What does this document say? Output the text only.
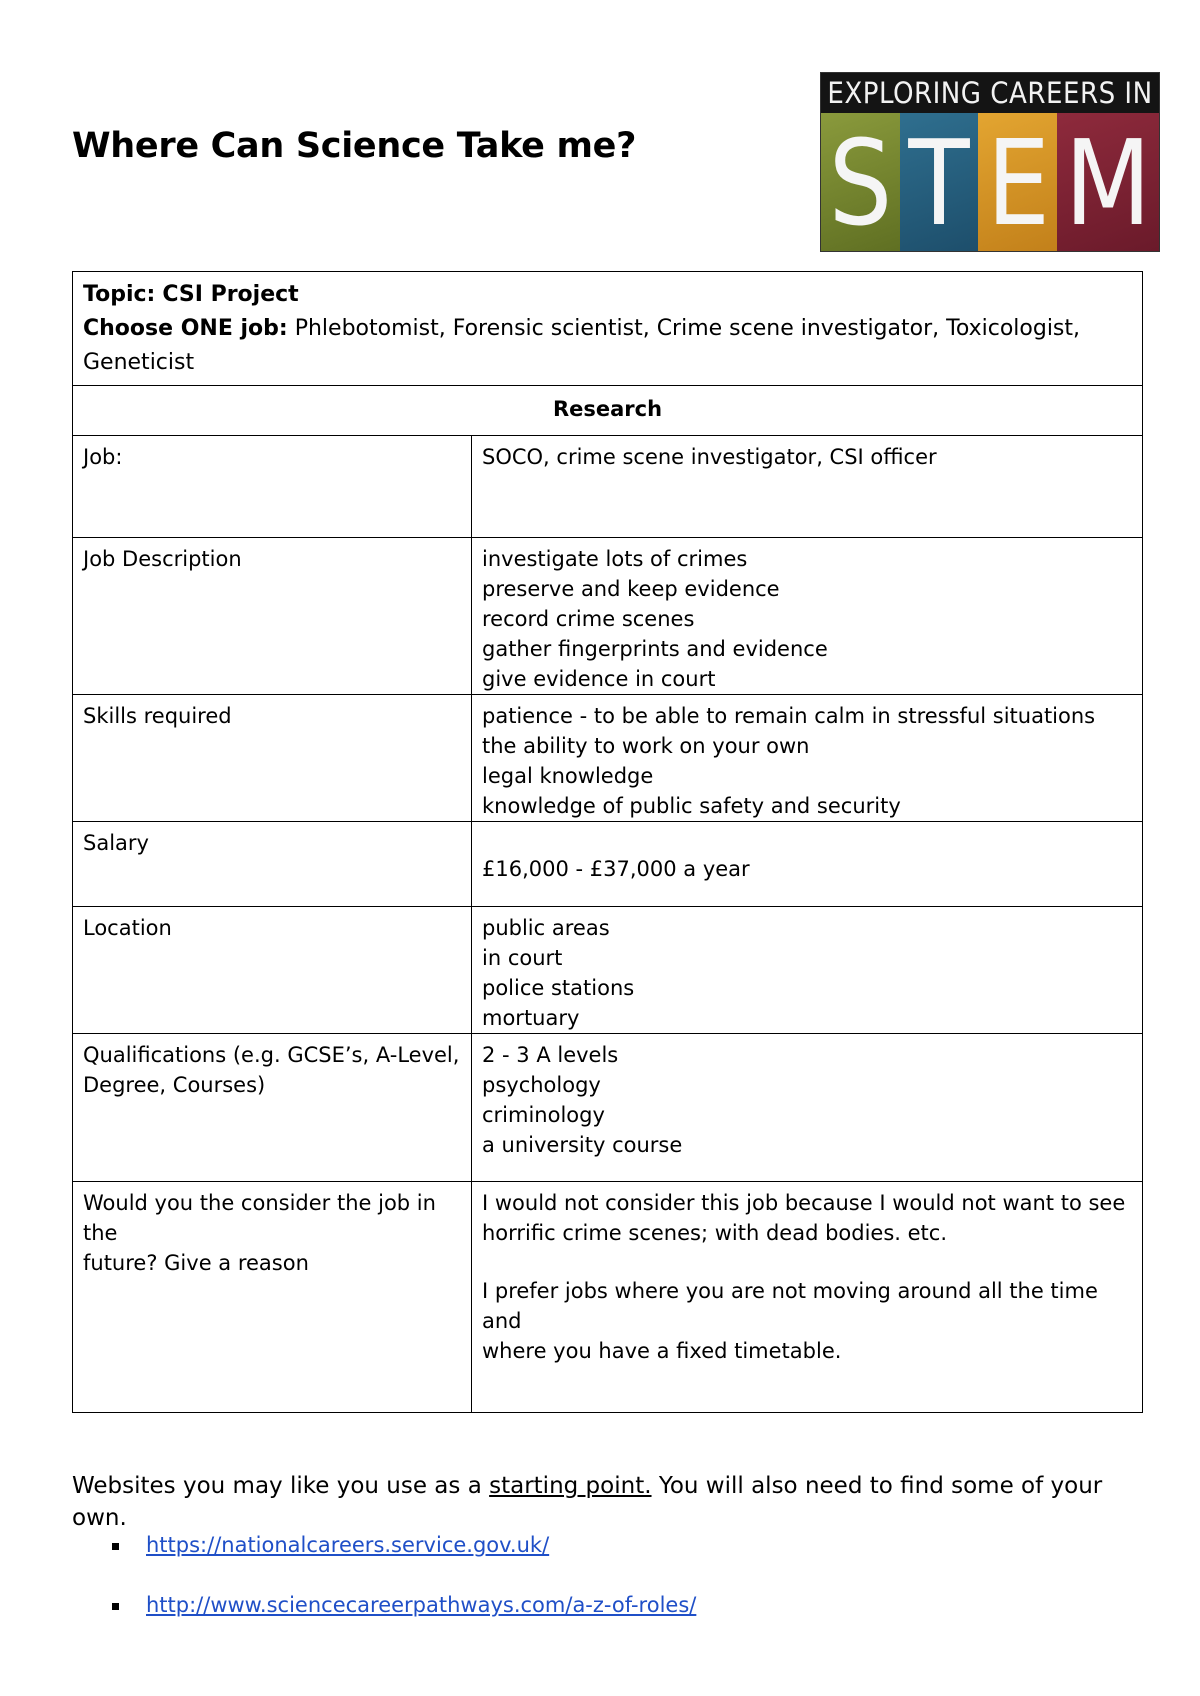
Where Can Science Take me?
EXPLORING CAREERS IN
S T E M
Topic: CSI Project
Choose ONE job: Phlebotomist, Forensic scientist, Crime scene investigator, Toxicologist, Geneticist	
Research	

Job:	SOCO, crime scene investigator, CSI officer

Job Description	investigate lots of crimes
preserve and keep evidence
record crime scenes
gather fingerprints and evidence
give evidence in court

Skills required	patience - to be able to remain calm in stressful situations
the ability to work on your own
legal knowledge
knowledge of public safety and security

Salary	£16,000 - £37,000 a year

Location	public areas
in court
police stations
mortuary

Qualifications (e.g. GCSE’s, A-Level,
Degree, Courses)	2 - 3 A levels
psychology
criminology
a university course

Would you the consider the job in the
future? Give a reason	I would not consider this job because I would not want to see
horrific crime scenes; with dead bodies. etc.
I prefer jobs where you are not moving around all the time and
where you have a fixed timetable.
Websites you may like you use as a starting point. You will also need to find some of your own.
https://nationalcareers.service.gov.uk/
http://www.sciencecareerpathways.com/a-z-of-roles/
